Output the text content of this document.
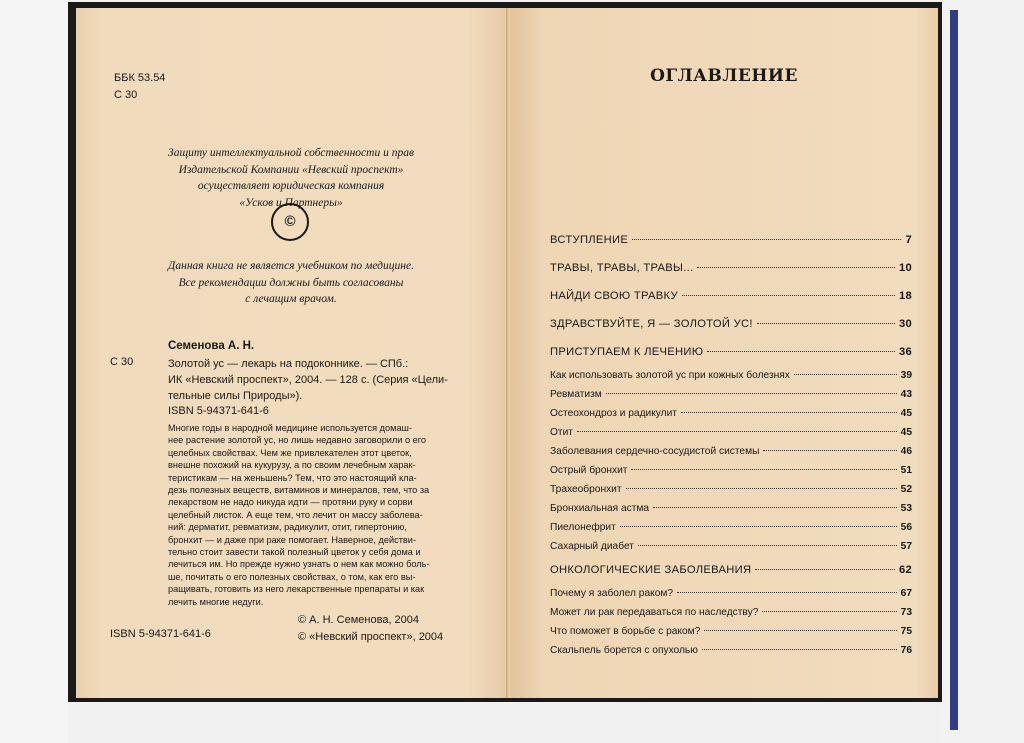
ББК 53.54
С 30
Защиту интеллектуальной собственности и прав
Издательской Компании «Невский проспект»
осуществляет юридическая компания
«Усков и Партнеры»
©
Данная книга не является учебником по медицине.
Все рекомендации должны быть согласованы
с лечащим врачом.
Семенова А. Н.
С 30	Золотой ус — лекарь на подоконнике. — СПб.:
ИК «Невский проспект», 2004. — 128 с. (Серия «Цели-
тельные силы Природы»).
ISBN 5-94371-641-6
Многие годы в народной медицине используется домаш-
нее растение золотой ус, но лишь недавно заговорили о его
целебных свойствах. Чем же привлекателен этот цветок,
внешне похожий на кукурузу, а по своим лечебным харак-
теристикам — на женьшень? Тем, что это настоящий кла-
дезь полезных веществ, витаминов и минералов, тем, что за
лекарством не надо никуда идти — протяни руку и сорви
целебный листок. А еще тем, что лечит он массу заболева-
ний: дерматит, ревматизм, радикулит, отит, гипертонию,
бронхит — и даже при раке помогает. Наверное, действи-
тельно стоит завести такой полезный цветок у себя дома и
лечиться им. Но прежде нужно узнать о нем как можно боль-
ше, почитать о его полезных свойствах, о том, как его вы-
ращивать, готовить из него лекарственные препараты и как
лечить многие недуги.
© А. Н. Семенова, 2004
© «Невский проспект», 2004
ISBN 5-94371-641-6
ОГЛАВЛЕНИЕ
ВСТУПЛЕНИЕ	7
ТРАВЫ, ТРАВЫ, ТРАВЫ...	10
НАЙДИ СВОЮ ТРАВКУ	18
ЗДРАВСТВУЙТЕ, Я — ЗОЛОТОЙ УС!	30
ПРИСТУПАЕМ К ЛЕЧЕНИЮ	36
Как использовать золотой ус при кожных болезнях	39
Ревматизм	43
Остеохондроз и радикулит	45
Отит	45
Заболевания сердечно-сосудистой системы	46
Острый бронхит	51
Трахеобронхит	52
Бронхиальная астма	53
Пиелонефрит	56
Сахарный диабет	57
ОНКОЛОГИЧЕСКИЕ ЗАБОЛЕВАНИЯ	62
Почему я заболел раком?	67
Может ли рак передаваться по наследству?	73
Что поможет в борьбе с раком?	75
Скальпель борется с опухолью	76
